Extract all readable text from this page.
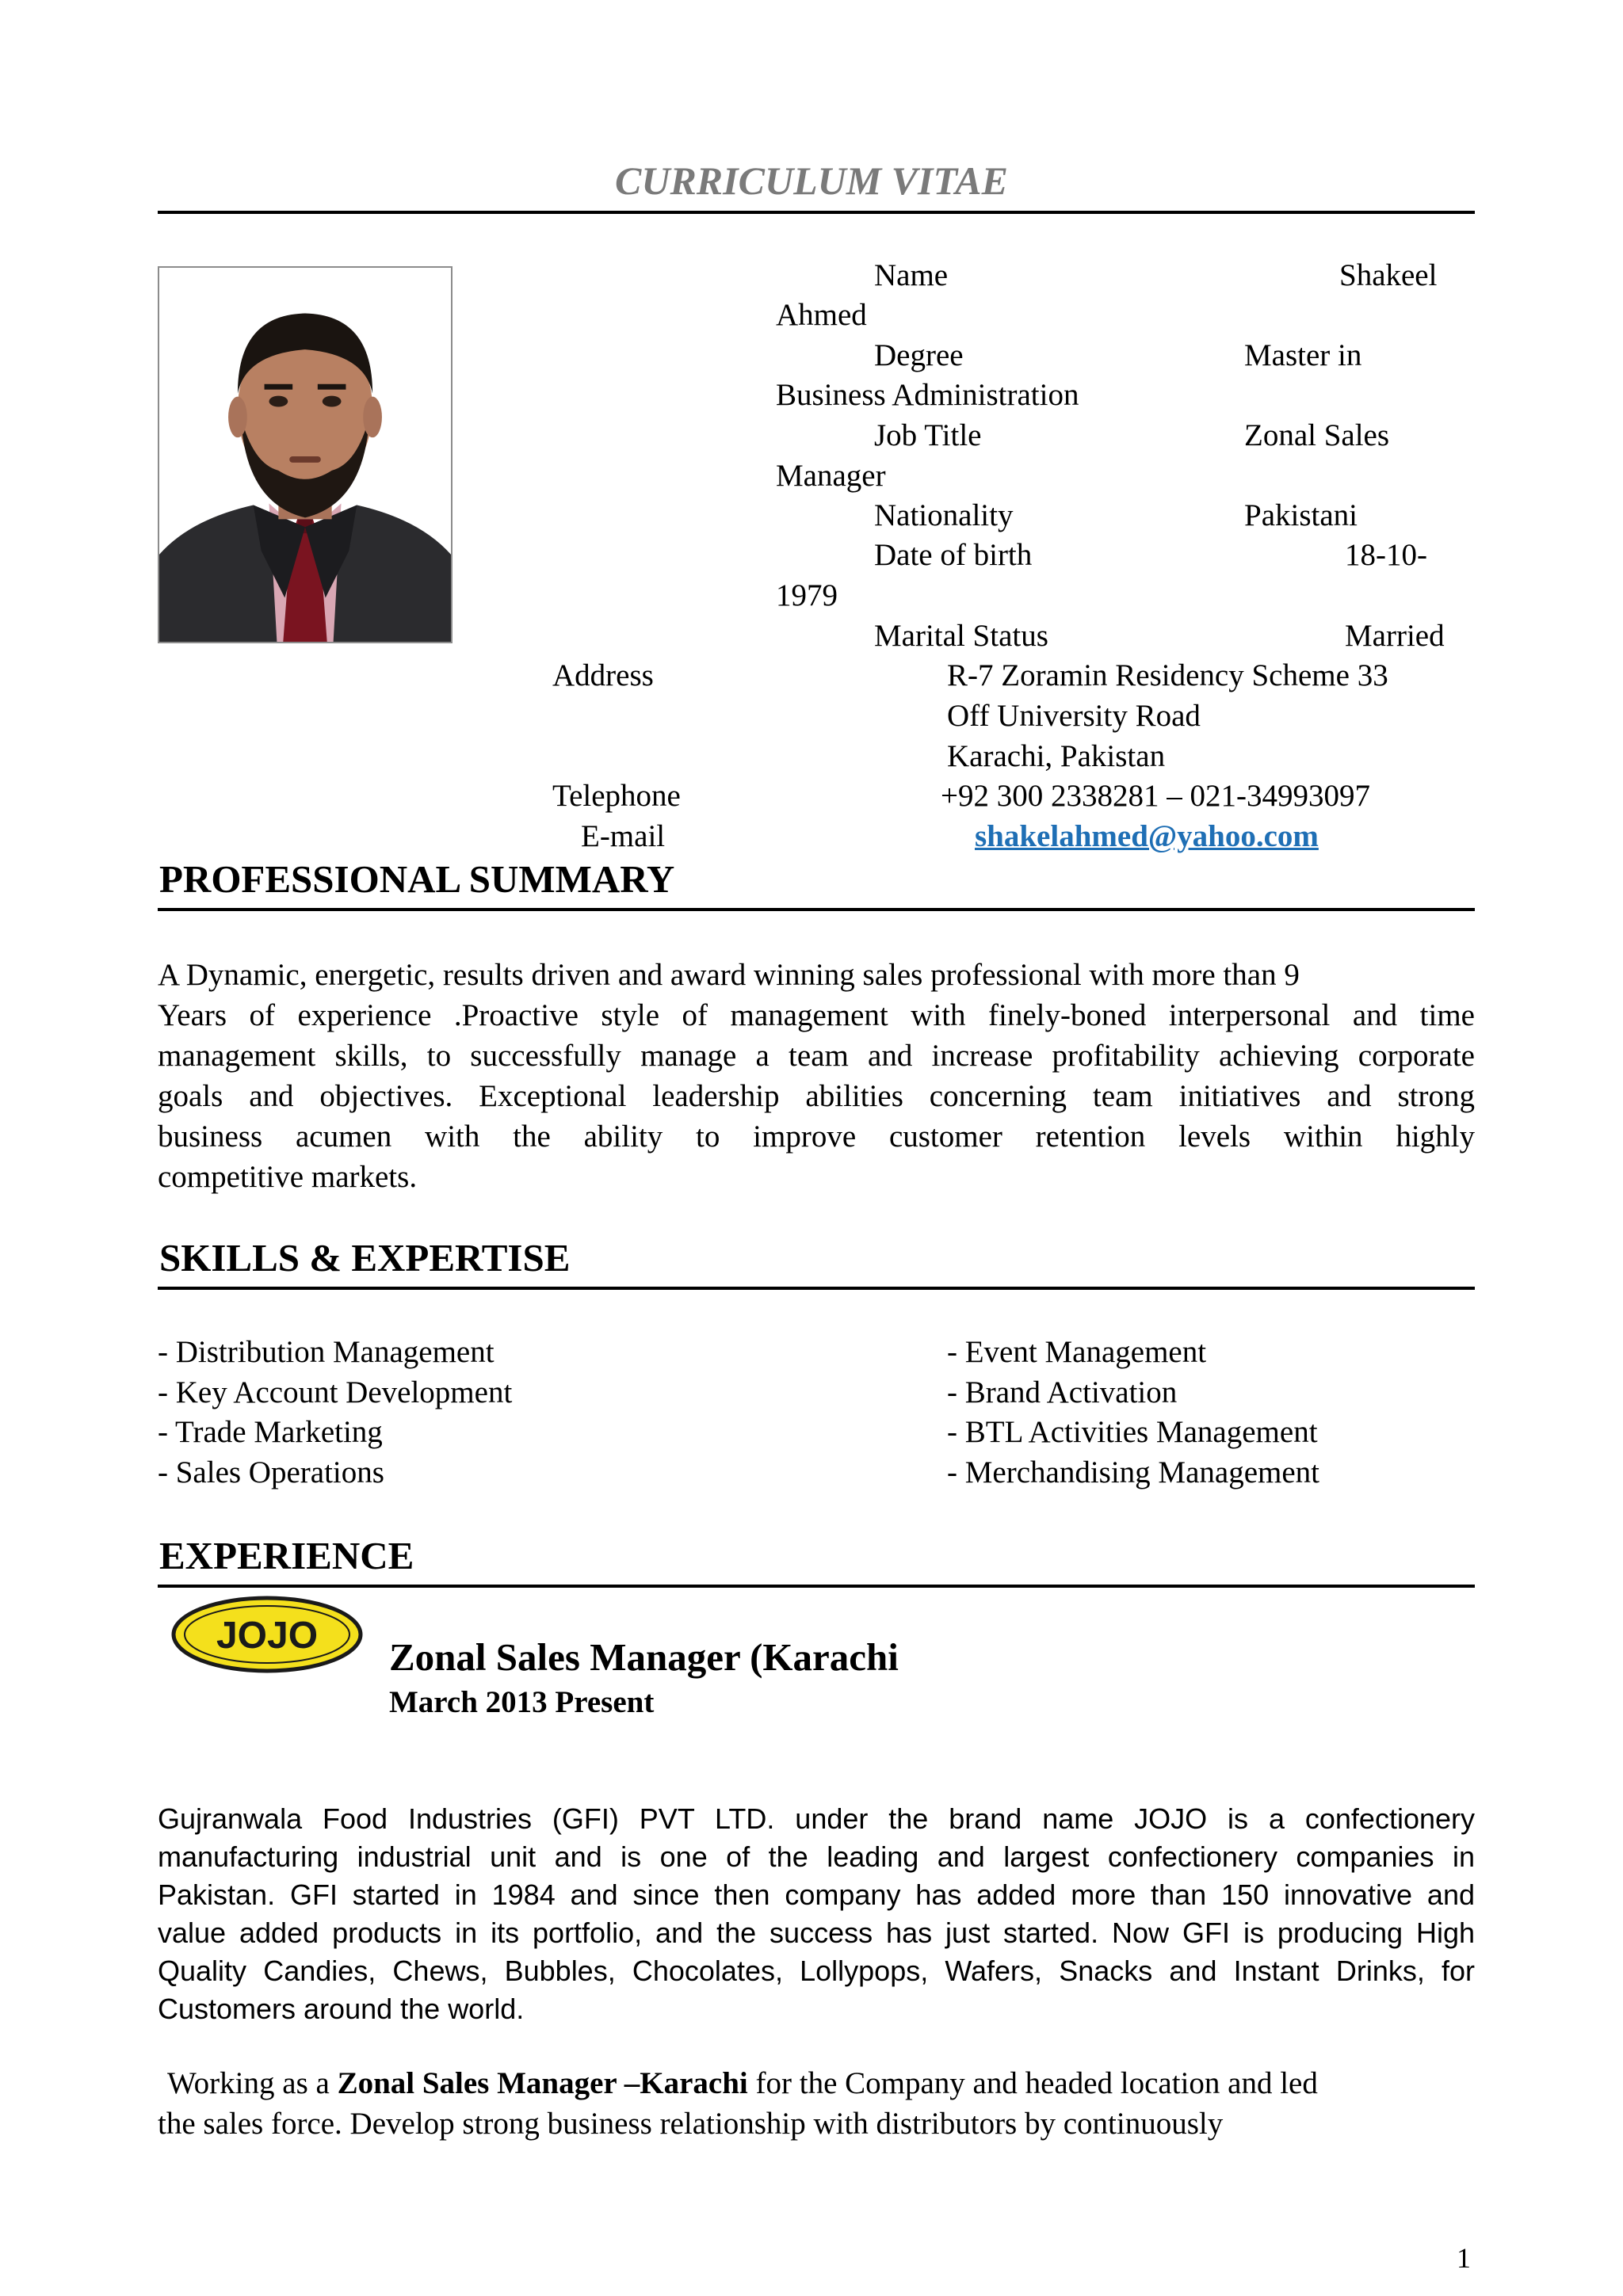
CURRICULUM VITAE
Name	Shakeel
Ahmed
Degree	Master in
Business Administration
Job Title	Zonal Sales
Manager
Nationality	Pakistani
Date of birth	18-10-
1979
Marital Status	Married
Address	R-7 Zoramin Residency Scheme 33
Off University Road
Karachi, Pakistan
Telephone	+92 300 2338281 – 021-34993097
E-mail	shakelahmed@yahoo.com
PROFESSIONAL SUMMARY
A Dynamic, energetic, results driven and award winning sales professional with more than 9
Years of experience .Proactive style of management with finely-boned interpersonal and time
management skills, to successfully manage a team and increase profitability achieving corporate
goals and objectives. Exceptional leadership abilities concerning team initiatives and strong
business acumen with the ability to improve customer retention levels within highly
competitive markets.
SKILLS & EXPERTISE
- Distribution Management
- Key Account Development
- Trade Marketing
- Sales Operations
- Event Management
- Brand Activation
- BTL Activities Management
- Merchandising Management
EXPERIENCE
JOJO Zonal Sales Manager (Karachi
March 2013 Present
Gujranwala Food Industries (GFI) PVT LTD. under the brand name JOJO is a confectionery
manufacturing industrial unit and is one of the leading and largest confectionery companies in
Pakistan. GFI started in 1984 and since then company has added more than 150 innovative and
value added products in its portfolio, and the success has just started. Now GFI is producing High
Quality Candies, Chews, Bubbles, Chocolates, Lollypops, Wafers, Snacks and Instant Drinks, for
Customers around the world.
Working as a Zonal Sales Manager –Karachi for the Company and headed location and led
the sales force. Develop strong business relationship with distributors by continuously
1
